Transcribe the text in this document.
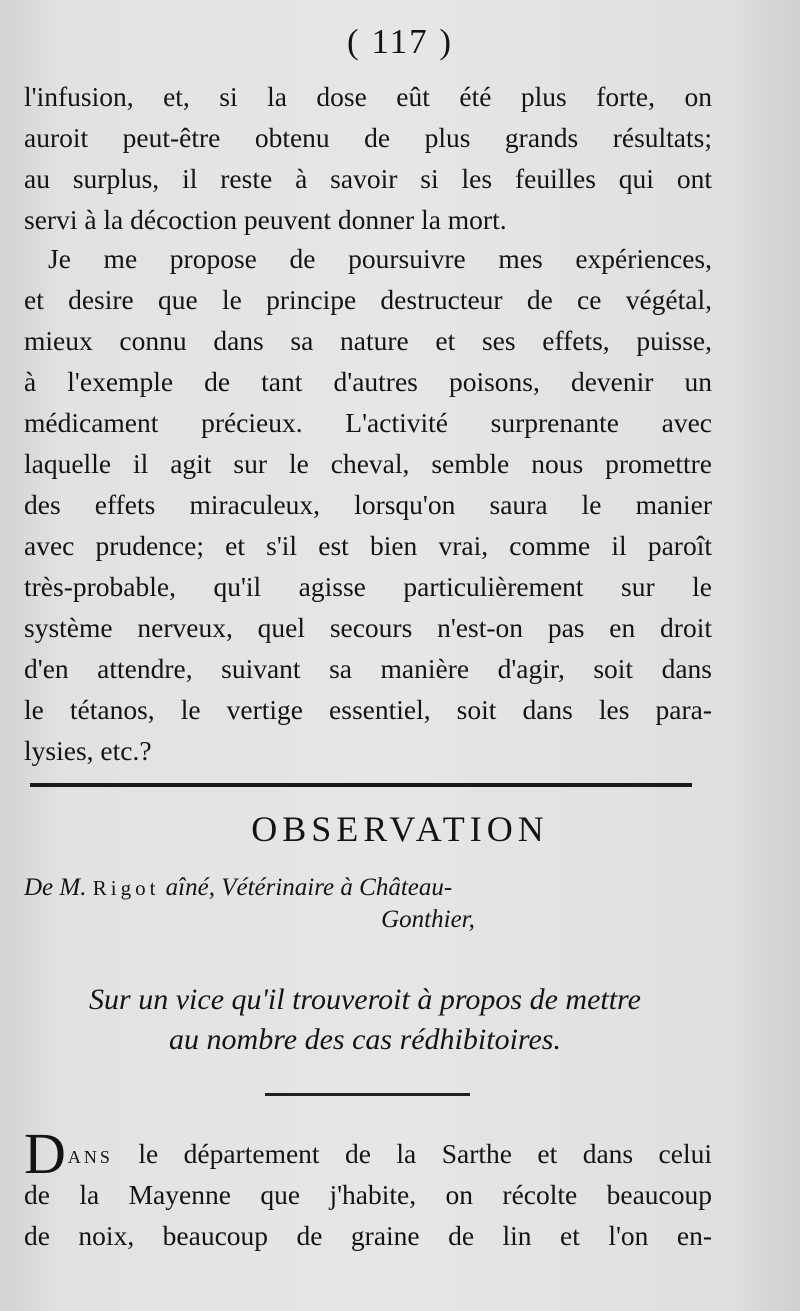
( 117 )
l'infusion, et, si la dose eût été plus forte, on
auroit peut-être obtenu de plus grands résultats;
au surplus, il reste à savoir si les feuilles qui ont
servi à la décoction peuvent donner la mort.
Je me propose de poursuivre mes expériences,
et desire que le principe destructeur de ce végétal,
mieux connu dans sa nature et ses effets, puisse,
à l'exemple de tant d'autres poisons, devenir un
médicament précieux. L'activité surprenante avec
laquelle il agit sur le cheval, semble nous promettre
des effets miraculeux, lorsqu'on saura le manier
avec prudence; et s'il est bien vrai, comme il paroît
très-probable, qu'il agisse particulièrement sur le
système nerveux, quel secours n'est-on pas en droit
d'en attendre, suivant sa manière d'agir, soit dans
le tétanos, le vertige essentiel, soit dans les para-
lysies, etc.?
OBSERVATION
De M. Rigot aîné, Vétérinaire à Château-
Gonthier,
Sur un vice qu'il trouveroit à propos de mettre
au nombre des cas rédhibitoires.
DANS le département de la Sarthe et dans celui
de la Mayenne que j'habite, on récolte beaucoup
de noix, beaucoup de graine de lin et l'on en-
